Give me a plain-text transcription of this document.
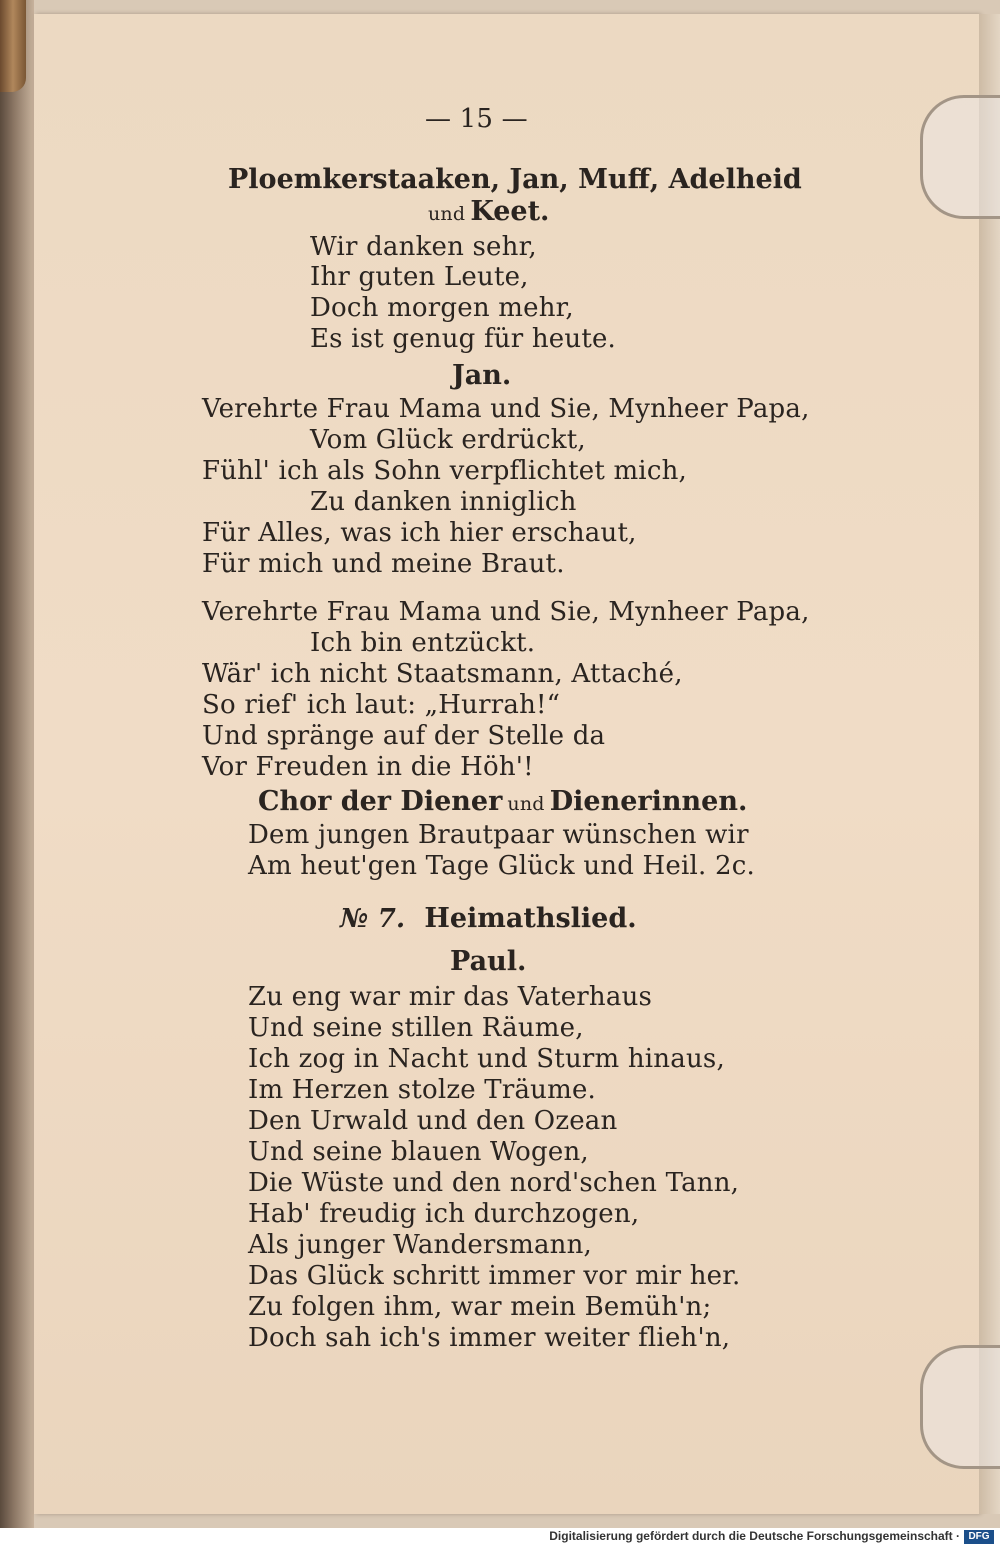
— 15 —
Ploemkerstaaken, Jan, Muff, Adelheid
und Keet.
Wir danken sehr,
Ihr guten Leute,
Doch morgen mehr,
Es ist genug für heute.
Jan.
Verehrte Frau Mama und Sie, Mynheer Papa,
Vom Glück erdrückt,
Fühl' ich als Sohn verpflichtet mich,
Zu danken inniglich
Für Alles, was ich hier erschaut,
Für mich und meine Braut.
Verehrte Frau Mama und Sie, Mynheer Papa,
Ich bin entzückt.
Wär' ich nicht Staatsmann, Attaché,
So rief' ich laut: „Hurrah!“
Und spränge auf der Stelle da
Vor Freuden in die Höh'!
Chor der Diener und Dienerinnen.
Dem jungen Brautpaar wünschen wir
Am heut'gen Tage Glück und Heil. 2c.
№ 7. Heimathslied.
Paul.
Zu eng war mir das Vaterhaus
Und seine stillen Räume,
Ich zog in Nacht und Sturm hinaus,
Im Herzen stolze Träume.
Den Urwald und den Ozean
Und seine blauen Wogen,
Die Wüste und den nord'schen Tann,
Hab' freudig ich durchzogen,
Als junger Wandersmann,
Das Glück schritt immer vor mir her.
Zu folgen ihm, war mein Bemüh'n;
Doch sah ich's immer weiter flieh'n,
Digitalisierung gefördert durch die Deutsche Forschungsgemeinschaft · DFG
